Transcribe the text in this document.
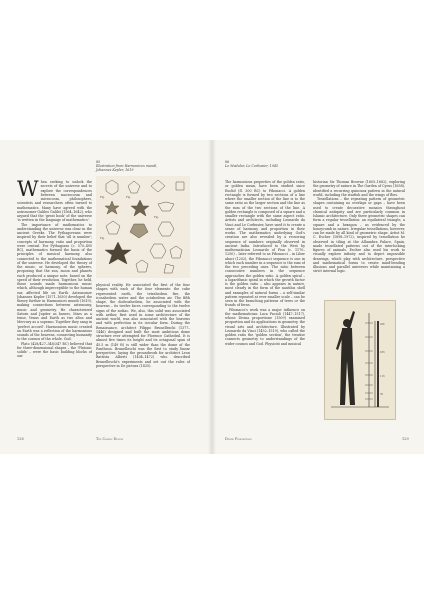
85
Illustration from Harmonices mundi, Johannes Kepler, 1619
Fig.	Fig.
Fig.
Fig.
W hen seeking to unlock the secrets of the universe and to explore the correspondences between macrocosm and microcosm, philosophers, scientists and researchers often turned to mathematics. Many have agreed with the astronomer Galileo Galilei (1564–1642), who argued that the 'great book' of the universe 'is written in the language of mathematics'.

The importance of mathematics to understanding the universe was clear in the ancient Greeks. The Pythagoreans were inspired by their belief that 'all is number'; concepts of harmony, ratio and proportion were central. For Pythagoras (c. 570–495 BC), mathematics formed the basis of the principles of musical harmony, also connected to the mathematical foundations of the universe. He developed the theory of the music, or harmony, of the spheres, proposing that the sun, moon and planets each produced a unique note, based on the speed of their revolution. Together, he held, these sounds made harmonious music which, although imperceptible to the human ear, affected life on Earth. Astronomer Johannes Kepler (1571–1630) developed the theory further in Harmonices mundi (1619), making connections between astronomy, music and geometry. He characterized Saturn and Jupiter as basses, Mars as a tenor, Venus and Earth as two altos and Mercury as a soprano. Together they sang in 'perfect accord'. Harmonious music created on Earth was a reflection of the harmonious sounds of the heavens, connecting humanity to the cosmos of the whole. God.

Plato (428/427–348/347 BC) believed that for three-dimensional shapes – the 'Platonic solids' – were the basic building blocks of our

physical reality. He associated the first of the four shapes with each of the four elements: the cube represented earth, the tetrahedron fire, the icosahedron water and the octahedron air. The fifth shape, the dodecahedron, he associated with the heavens – its twelve faces corresponding to the twelve signs of the zodiac. We, also, this solid was associated with aether, first used in some architecture of the ancient world, was also associated with the heavens and with perfection in its circular form. During the Renaissance, architect Filippo Brunelleschi (1377–1446) designed and built the most ambitious dome structure ever attempted for Florence Cathedral. It is almost five times its height and its octagonal span of 45.5 m (149 ft) is still wider than the dome of the Pantheon. Brunelleschi was the first to study linear perspective, laying the groundwork for architect Leon Battista Alberti (1404–1472) who described Brunelleschi's experiments and set out the rules of perspective in De pictura (1435).

128	The Cosmic Design
86
Le Modulor, Le Corbusier, 1945

The harmonious properties of the golden ratio, or golden mean, have been studied since Euclid (fl. 300 BC) to Fibonacci. A golden rectangle is formed by two sections of a line where the smaller section of the line is to the same ratio as the larger section and the line as the sum of the two sections of the line. A golden rectangle is composed of a square and a smaller rectangle with the same aspect ratio. Artists and architects, including Leonardo da Vinci and Le Corbusier, have used it to create a sense of harmony and proportion in their works. The mathematics underlying God's creation are also revealed by a recurring sequence of numbers originally observed in ancient India. Introduced to the West by mathematician Leonardo of Pisa (c. 1170–1250) – later referred to as Fibonacci – in Liber abaci (1202), the Fibonacci sequence is one in which each number in a sequence is the sum of the two preceding ones. The ratio between consecutive numbers in the sequence approaches the golden ratio. A golden spiral – a logarithmic spiral in which the growth factor is the golden ratio – also appears in nature, most clearly in the form of the nautilus shell and examples of natural forms – a self-similar pattern repeated at ever smaller scale – can be seen in the branching patterns of trees or the fronds of ferns.

Fibonacci's work was a major influence on the mathematician Luca Pacioli (1447–1517), whose Divina proportione (1509) examined proportion and its applications in geometry, the visual arts and architecture. Illustrated by Leonardo da Vinci (1452–1519), who called the golden ratio the 'golden section', the treatise connects geometry to understandings of the wider cosmos and God. Physicist and musical

historian Sir Thomas Browne (1605–1682), exploring the geometry of nature in The Garden of Cyrus (1658), identified a recurring quincunx pattern in the natural world, including the starfish and the wings of flies.

Tessellations – the repeating pattern of geometric shapes containing no overlaps or gaps – have been used to create decorative mosaics throughout classical antiquity and are particularly common in Islamic architecture. Only three geometric shapes can form a regular tessellation: an equilateral triangle, a square and a hexagon – as evidenced by the honeycomb in nature. Irregular tessellations, however, can be made by all kind of geometric shape. Artist M. C. Escher (1898–1972), inspired by tessellation he observed in tiling at the Alhambra Palace, Spain, made tessellated patterns out of the interlocking figures of animals. Escher also used his work to visually explore infinity and to depict impossible drawings, which play with architecture, perspective and mathematical forms to create mind-bending illusions and parallel universes while maintaining a strict internal logic.

226
183
113
70
Divine Proportions	129
